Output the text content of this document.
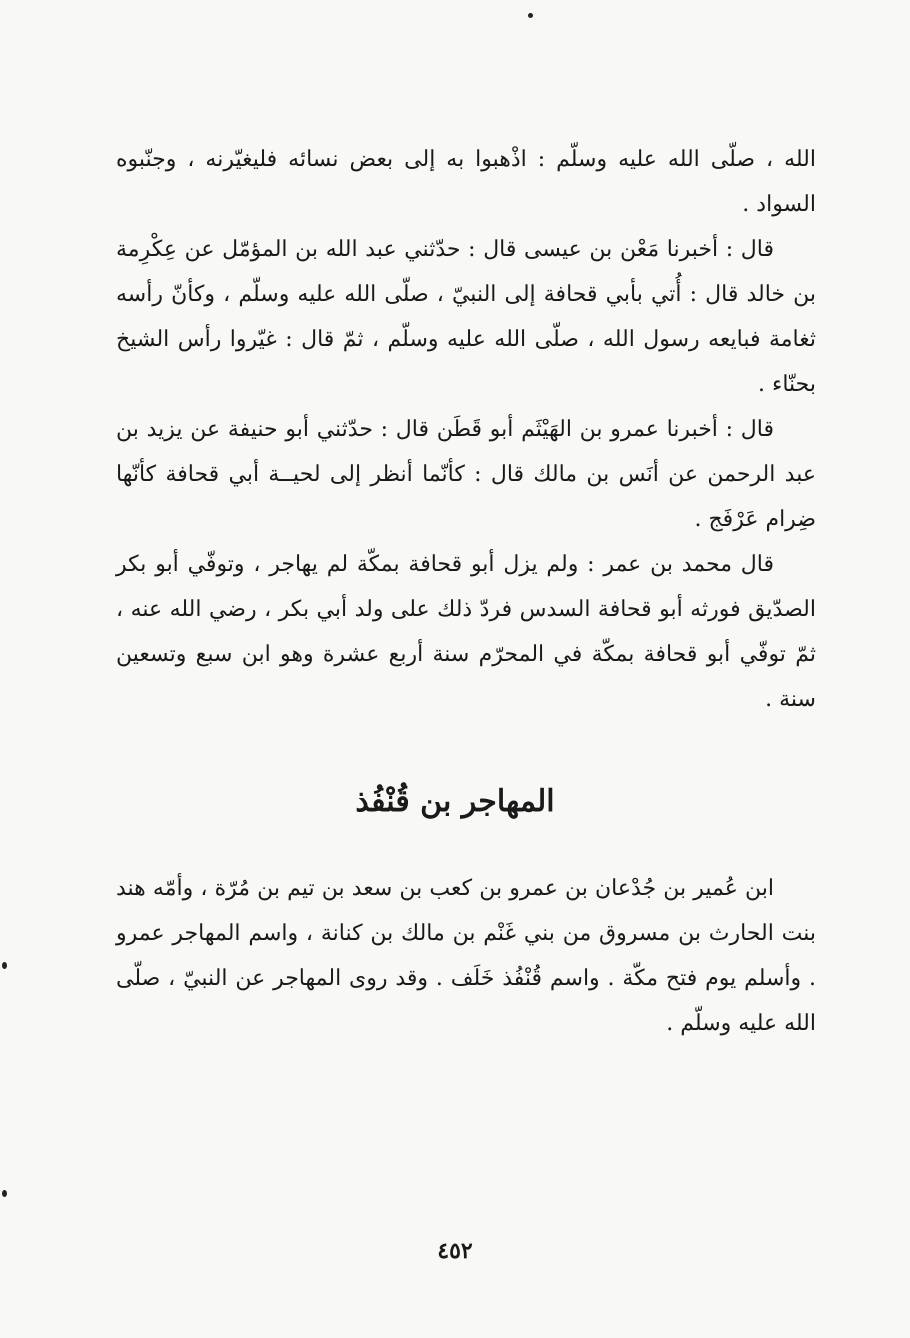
الله ، صلّى الله عليه وسلّم : اذْهبوا به إلى بعض نسائه فليغيّرنه ، وجنّبوه السواد .

قال : أخبرنا مَعْن بن عيسى قال : حدّثني عبد الله بن المؤمّل عن عِكْرِمة بن خالد قال : أُتي بأبي قحافة إلى النبيّ ، صلّى الله عليه وسلّم ، وكأنّ رأسه ثغامة فبايعه رسول الله ، صلّى الله عليه وسلّم ، ثمّ قال : غيّروا رأس الشيخ بحنّاء .

قال : أخبرنا عمرو بن الهَيْثَم أبو قَطَن قال : حدّثني أبو حنيفة عن يزيد بن عبد الرحمن عن أنَس بن مالك قال : كأنّما أنظر إلى لحيــة أبي قحافة كأنّها ضِرام عَرْفَج .

قال محمد بن عمر : ولم يزل أبو قحافة بمكّة لم يهاجر ، وتوفّي أبو بكر الصدّيق فورثه أبو قحافة السدس فردّ ذلك على ولد أبي بكر ، رضي الله عنه ، ثمّ توفّي أبو قحافة بمكّة في المحرّم سنة أربع عشرة وهو ابن سبع وتسعين سنة .

المهاجر بن قُنْفُذ

ابن عُمير بن جُدْعان بن عمرو بن كعب بن سعد بن تيم بن مُرّة ، وأمّه هند بنت الحارث بن مسروق من بني غَنْم بن مالك بن كنانة ، واسم المهاجر عمرو . وأسلم يوم فتح مكّة . واسم قُنْفُذ خَلَف . وقد روى المهاجر عن النبيّ ، صلّى الله عليه وسلّم .

٤٥٢
